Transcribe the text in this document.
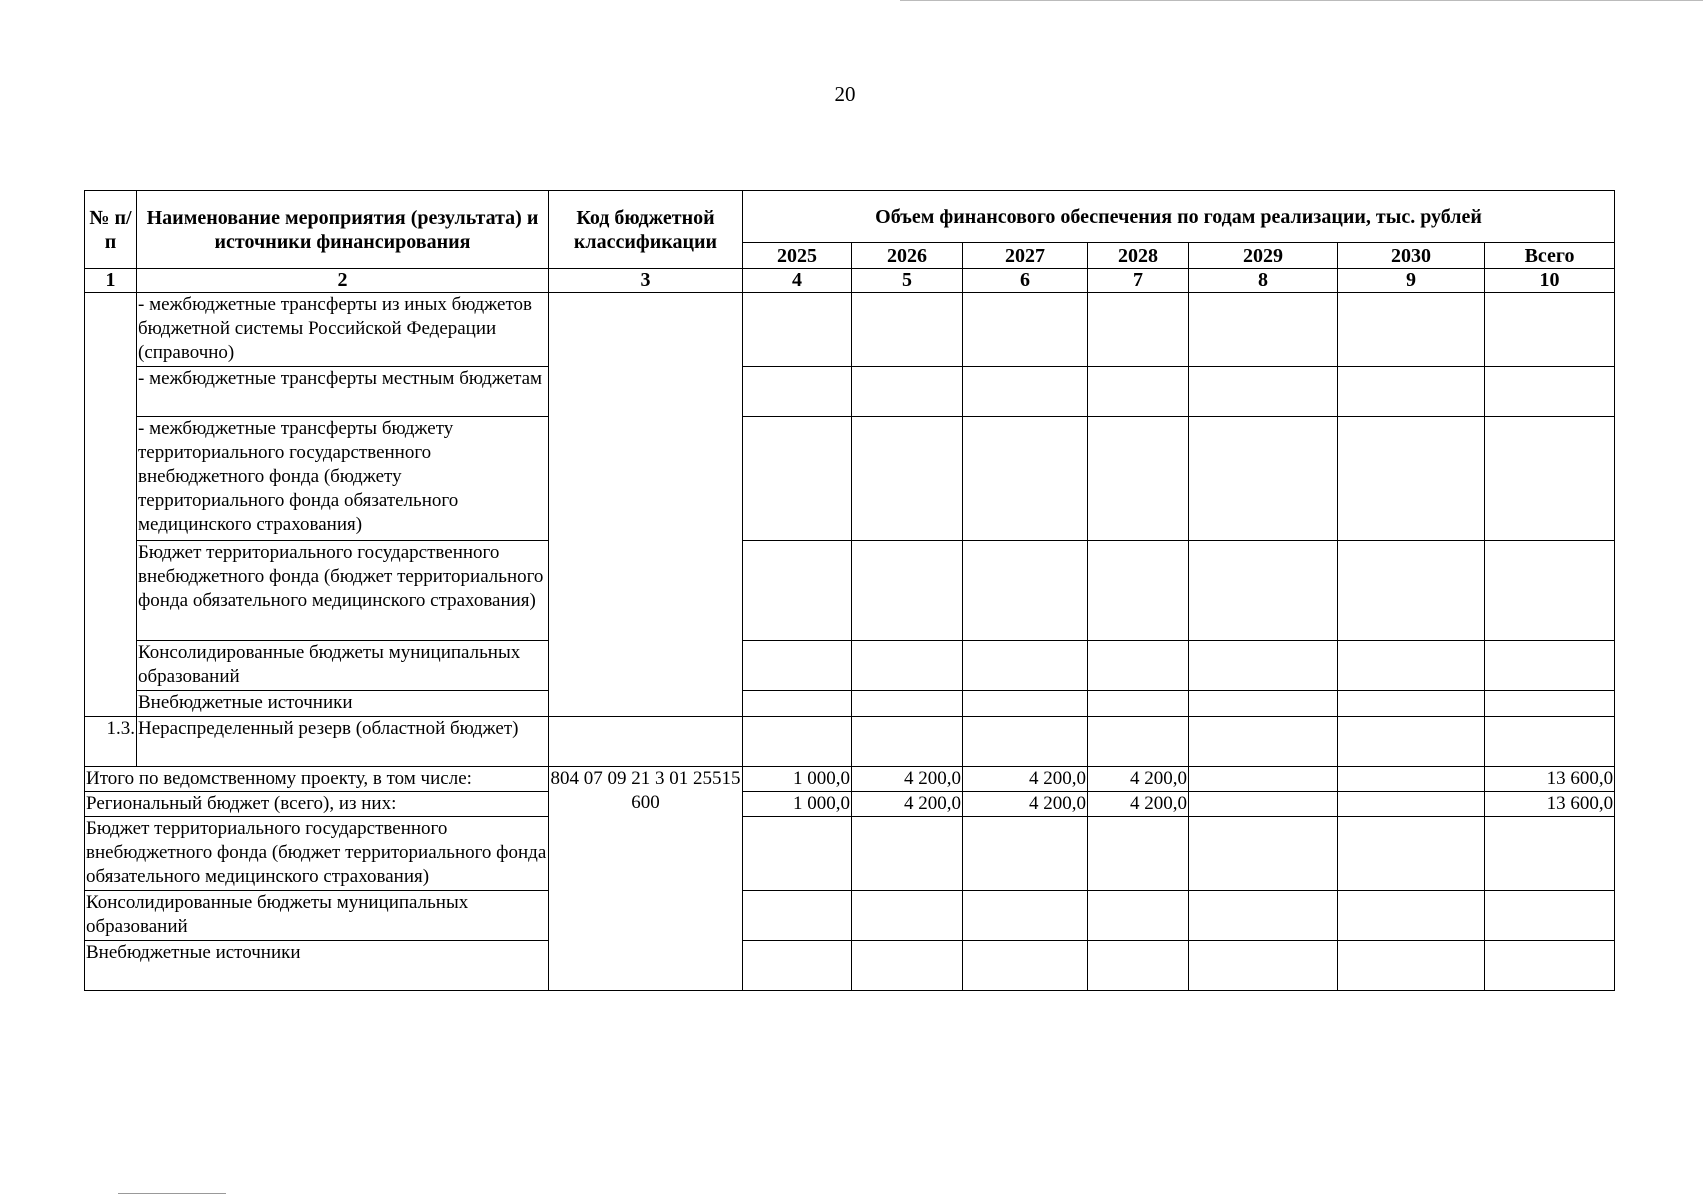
20
№ п/п	Наименование мероприятия (результата) и источники финансирования	Код бюджетной классификации	Объем финансового обеспечения по годам реализации, тыс. рублей						
			2025	2026	2027	2028	2029	2030	Всего
1	2	3	4	5	6	7	8	9	10
	- межбюджетные трансферты из иных бюджетов бюджетной системы Российской Федерации (справочно)								
	- межбюджетные трансферты местным бюджетам								
	- межбюджетные трансферты бюджету территориального государственного внебюджетного фонда (бюджету территориального фонда обязательного медицинского страхования)								
	Бюджет территориального государственного внебюджетного фонда (бюджет территориального фонда обязательного медицинского страхования)								
	Консолидированные бюджеты муниципальных образований								
	Внебюджетные источники								
1.3.	Нераспределенный резерв (областной бюджет)								
Итого по ведомственному проекту, в том числе:		804 07 09 21 3 01 25515 600	1 000,0	4 200,0	4 200,0	4 200,0			13 600,0
Региональный бюджет (всего), из них:			1 000,0	4 200,0	4 200,0	4 200,0			13 600,0
Бюджет территориального государственного внебюджетного фонда (бюджет территориального фонда обязательного медицинского страхования)									
Консолидированные бюджеты муниципальных образований									
Внебюджетные источники									
